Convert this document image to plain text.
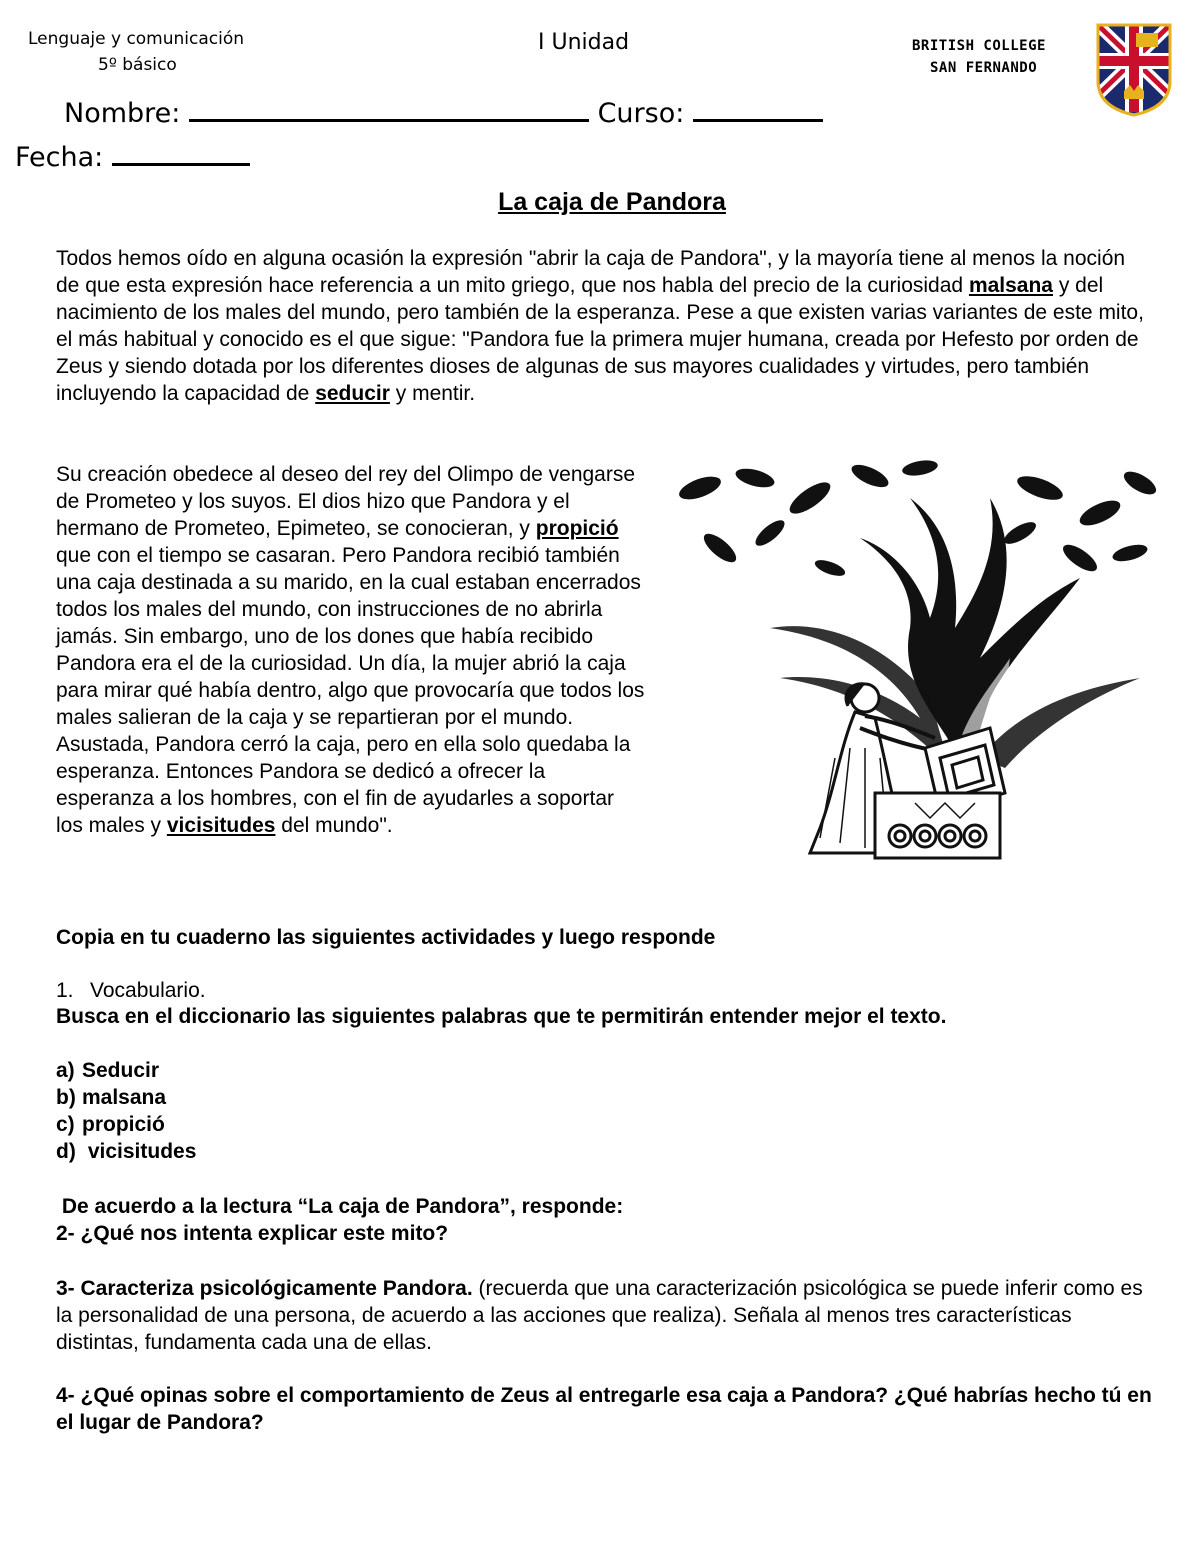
Lenguaje y comunicación
5º básico
I Unidad	BRITISH COLLEGE
SAN FERNANDO
Nombre:	Curso:
Fecha:
La caja de Pandora
Todos hemos oído en alguna ocasión la expresión "abrir la caja de Pandora", y la mayoría tiene al menos la noción de que esta expresión hace referencia a un mito griego, que nos habla del precio de la curiosidad malsana y del nacimiento de los males del mundo, pero también de la esperanza. Pese a que existen varias variantes de este mito, el más habitual y conocido es el que sigue: "Pandora fue la primera mujer humana, creada por Hefesto por orden de Zeus y siendo dotada por los diferentes dioses de algunas de sus mayores cualidades y virtudes, pero también incluyendo la capacidad de seducir y mentir.
Su creación obedece al deseo del rey del Olimpo de vengarse de Prometeo y los suyos. El dios hizo que Pandora y el hermano de Prometeo, Epimeteo, se conocieran, y propició que con el tiempo se casaran. Pero Pandora recibió también una caja destinada a su marido, en la cual estaban encerrados todos los males del mundo, con instrucciones de no abrirla jamás. Sin embargo, uno de los dones que había recibido Pandora era el de la curiosidad. Un día, la mujer abrió la caja para mirar qué había dentro, algo que provocaría que todos los males salieran de la caja y se repartieran por el mundo. Asustada, Pandora cerró la caja, pero en ella solo quedaba la esperanza. Entonces Pandora se dedicó a ofrecer la esperanza a los hombres, con el fin de ayudarles a soportar los males y vicisitudes del mundo".
Copia en tu cuaderno las siguientes actividades y luego responde
1. Vocabulario.
Busca en el diccionario las siguientes palabras que te permitirán entender mejor el texto.
a) Seducir
b) malsana
c) propició
d) vicisitudes
De acuerdo a la lectura “La caja de Pandora”, responde:
2- ¿Qué nos intenta explicar este mito?
3- Caracteriza psicológicamente Pandora. (recuerda que una caracterización psicológica se puede inferir como es la personalidad de una persona, de acuerdo a las acciones que realiza). Señala al menos tres características distintas, fundamenta cada una de ellas.
4- ¿Qué opinas sobre el comportamiento de Zeus al entregarle esa caja a Pandora? ¿Qué habrías hecho tú en el lugar de Pandora?
